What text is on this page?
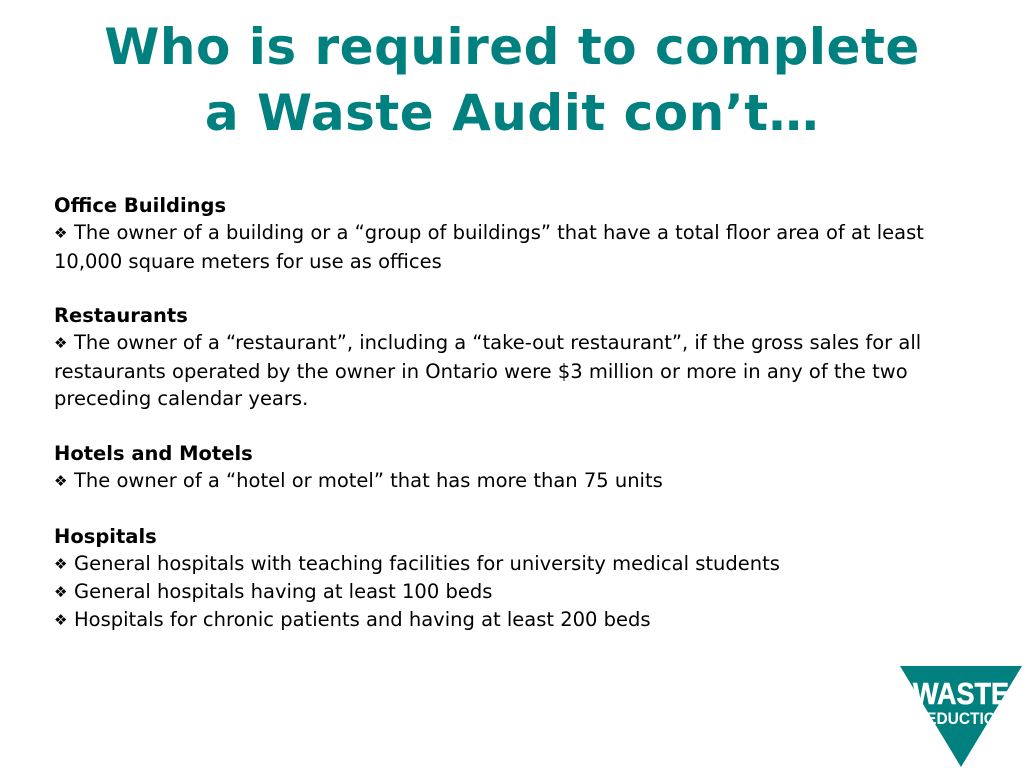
Who is required to complete
a Waste Audit con’t…
Office Buildings
❖ The owner of a building or a “group of buildings” that have a total floor area of at least 10,000 square meters for use as offices
Restaurants
❖ The owner of a “restaurant”, including a “take-out restaurant”, if the gross sales for all restaurants operated by the owner in Ontario were $3 million or more in any of the two preceding calendar years.
Hotels and Motels
❖ The owner of a “hotel or motel” that has more than 75 units
Hospitals
❖ General hospitals with teaching facilities for university medical students
❖ General hospitals having at least 100 beds
❖ Hospitals for chronic patients and having at least 200 beds
WASTE
REDUCTION
